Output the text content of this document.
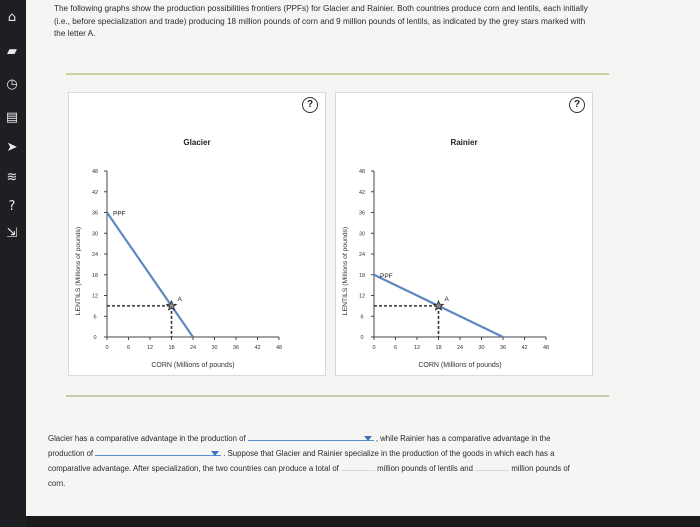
⌂
▰
◷
▤
➤
≋
?
⇲
The following graphs show the production possibilities frontiers (PPFs) for Glacier and Rainier. Both countries produce corn and lentils, each initially
(i.e., before specialization and trade) producing 18 million pounds of corn and 9 million pounds of lentils, as indicated by the grey stars marked with
the letter A.
?
Glacier
LENTILS (Millions of pounds)
CORN (Millions of pounds)
48
42
36
30
24
18
12
6
0
0	6	12	18	24	30	36	42	48
PPF
A
?
Rainier
LENTILS (Millions of pounds)
CORN (Millions of pounds)
48
42
36
30
24
18
12
6
0
0	6	12	18	24	30	36	42	48
PPF
A
Glacier has a comparative advantage in the production of	, while Rainier has a comparative advantage in the
production of	. Suppose that Glacier and Rainier specialize in the production of the goods in which each has a
comparative advantage. After specialization, the two countries can produce a total of	million pounds of lentils and	million pounds of
corn.
